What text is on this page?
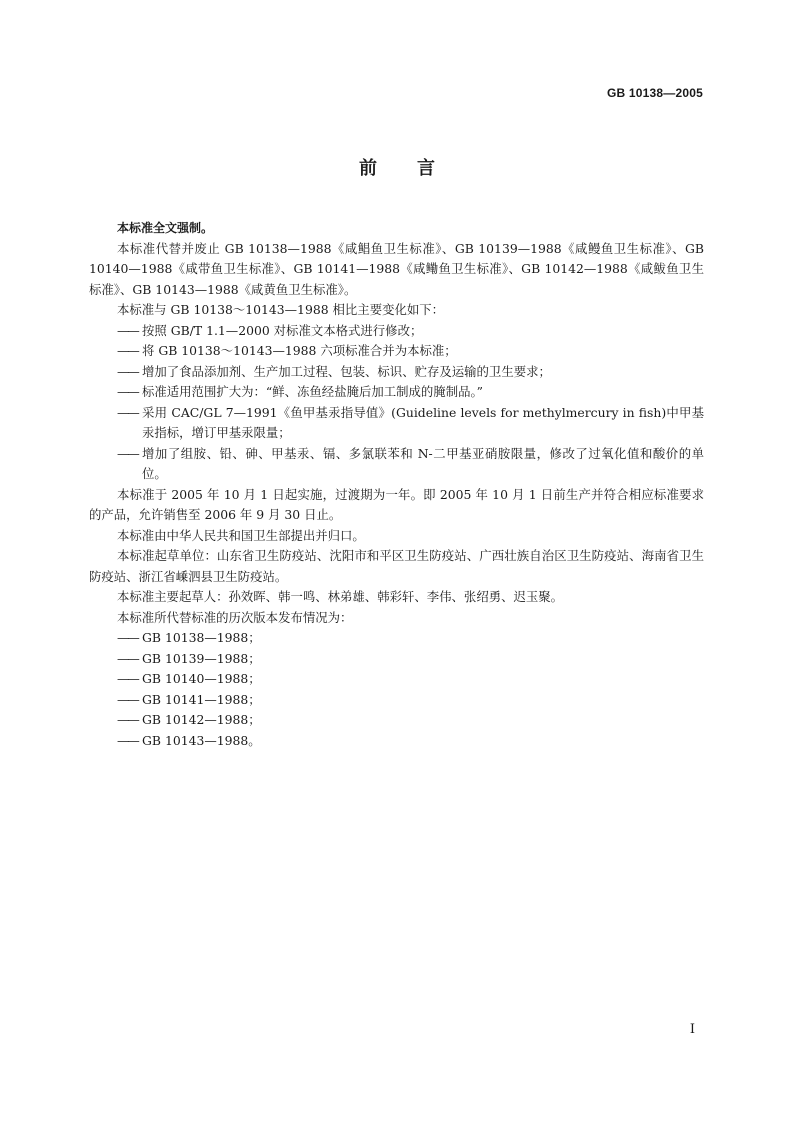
GB 10138—2005
前言

本标准全文强制。

本标准代替并废止 GB 10138—1988《咸鲳鱼卫生标准》、GB 10139—1988《咸鳗鱼卫生标准》、GB 10140—1988《咸带鱼卫生标准》、GB 10141—1988《咸鳓鱼卫生标准》、GB 10142—1988《咸鲅鱼卫生标准》、GB 10143—1988《咸黄鱼卫生标准》。

本标准与 GB 10138～10143—1988 相比主要变化如下：

—— 按照 GB/T 1.1—2000 对标准文本格式进行修改；

—— 将 GB 10138～10143—1988 六项标准合并为本标准；

—— 增加了食品添加剂、生产加工过程、包装、标识、贮存及运输的卫生要求；

—— 标准适用范围扩大为：“鲜、冻鱼经盐腌后加工制成的腌制品。”

—— 采用 CAC/GL 7—1991《鱼甲基汞指导值》(Guideline levels for methylmercury in fish)中甲基汞指标，增订甲基汞限量；

—— 增加了组胺、铅、砷、甲基汞、镉、多氯联苯和 N-二甲基亚硝胺限量，修改了过氧化值和酸价的单位。

本标准于 2005 年 10 月 1 日起实施，过渡期为一年。即 2005 年 10 月 1 日前生产并符合相应标准要求的产品，允许销售至 2006 年 9 月 30 日止。

本标准由中华人民共和国卫生部提出并归口。

本标准起草单位：山东省卫生防疫站、沈阳市和平区卫生防疫站、广西壮族自治区卫生防疫站、海南省卫生防疫站、浙江省嵊泗县卫生防疫站。

本标准主要起草人：孙效晖、韩一鸣、林弟雄、韩彩轩、李伟、张绍勇、迟玉聚。

本标准所代替标准的历次版本发布情况为：

—— GB 10138—1988；

—— GB 10139—1988；

—— GB 10140—1988；

—— GB 10141—1988；

—— GB 10142—1988；

—— GB 10143—1988。

I
